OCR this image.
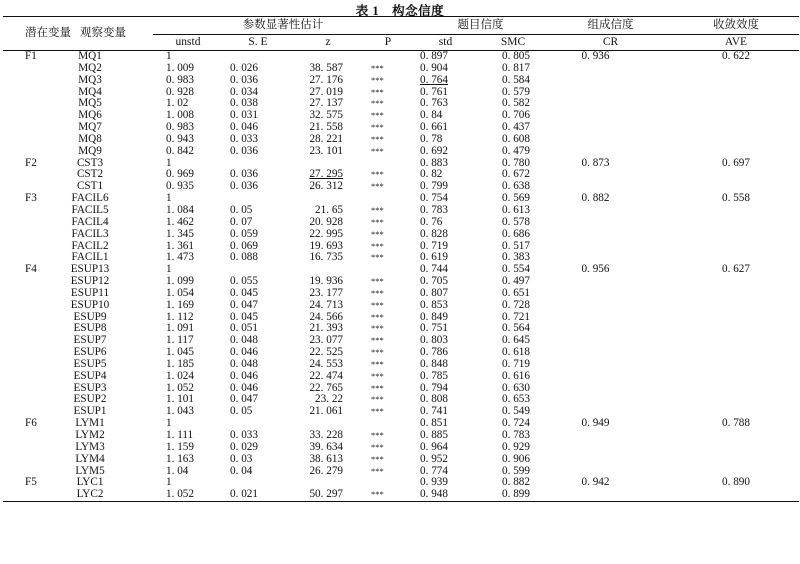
表 1　构念信度
潜在变量	观察变量	参数显著性估计				题目信度		组成信度	收敛效度
		unstd	S. E	z	P	std	SMC	CR	AVE
F1	MQ1	1				0. 897	0. 805	0. 936	0. 622
	MQ2	1. 009	0. 026	38. 587	***	0. 904	0. 817		
	MQ3	0. 983	0. 036	27. 176	***	0. 764	0. 584		
	MQ4	0. 928	0. 034	27. 019	***	0. 761	0. 579		
	MQ5	1. 02	0. 038	27. 137	***	0. 763	0. 582		
	MQ6	1. 008	0. 031	32. 575	***	0. 84	0. 706		
	MQ7	0. 983	0. 046	21. 558	***	0. 661	0. 437		
	MQ8	0. 943	0. 033	28. 221	***	0. 78	0. 608		
	MQ9	0. 842	0. 036	23. 101	***	0. 692	0. 479		
F2	CST3	1				0. 883	0. 780	0. 873	0. 697
	CST2	0. 969	0. 036	27. 295	***	0. 82	0. 672		
	CST1	0. 935	0. 036	26. 312	***	0. 799	0. 638		
F3	FACIL6	1				0. 754	0. 569	0. 882	0. 558
	FACIL5	1. 084	0. 05	21. 65	***	0. 783	0. 613		
	FACIL4	1. 462	0. 07	20. 928	***	0. 76	0. 578		
	FACIL3	1. 345	0. 059	22. 995	***	0. 828	0. 686		
	FACIL2	1. 361	0. 069	19. 693	***	0. 719	0. 517		
	FACIL1	1. 473	0. 088	16. 735	***	0. 619	0. 383		
F4	ESUP13	1				0. 744	0. 554	0. 956	0. 627
	ESUP12	1. 099	0. 055	19. 936	***	0. 705	0. 497		
	ESUP11	1. 054	0. 045	23. 177	***	0. 807	0. 651		
	ESUP10	1. 169	0. 047	24. 713	***	0. 853	0. 728		
	ESUP9	1. 112	0. 045	24. 566	***	0. 849	0. 721		
	ESUP8	1. 091	0. 051	21. 393	***	0. 751	0. 564		
	ESUP7	1. 117	0. 048	23. 077	***	0. 803	0. 645		
	ESUP6	1. 045	0. 046	22. 525	***	0. 786	0. 618		
	ESUP5	1. 185	0. 048	24. 553	***	0. 848	0. 719		
	ESUP4	1. 024	0. 046	22. 474	***	0. 785	0. 616		
	ESUP3	1. 052	0. 046	22. 765	***	0. 794	0. 630		
	ESUP2	1. 101	0. 047	23. 22	***	0. 808	0. 653		
	ESUP1	1. 043	0. 05	21. 061	***	0. 741	0. 549		
F6	LYM1	1				0. 851	0. 724	0. 949	0. 788
	LYM2	1. 111	0. 033	33. 228	***	0. 885	0. 783		
	LYM3	1. 159	0. 029	39. 634	***	0. 964	0. 929		
	LYM4	1. 163	0. 03	38. 613	***	0. 952	0. 906		
	LYM5	1. 04	0. 04	26. 279	***	0. 774	0. 599		
F5	LYC1	1				0. 939	0. 882	0. 942	0. 890
	LYC2	1. 052	0. 021	50. 297	***	0. 948	0. 899		
